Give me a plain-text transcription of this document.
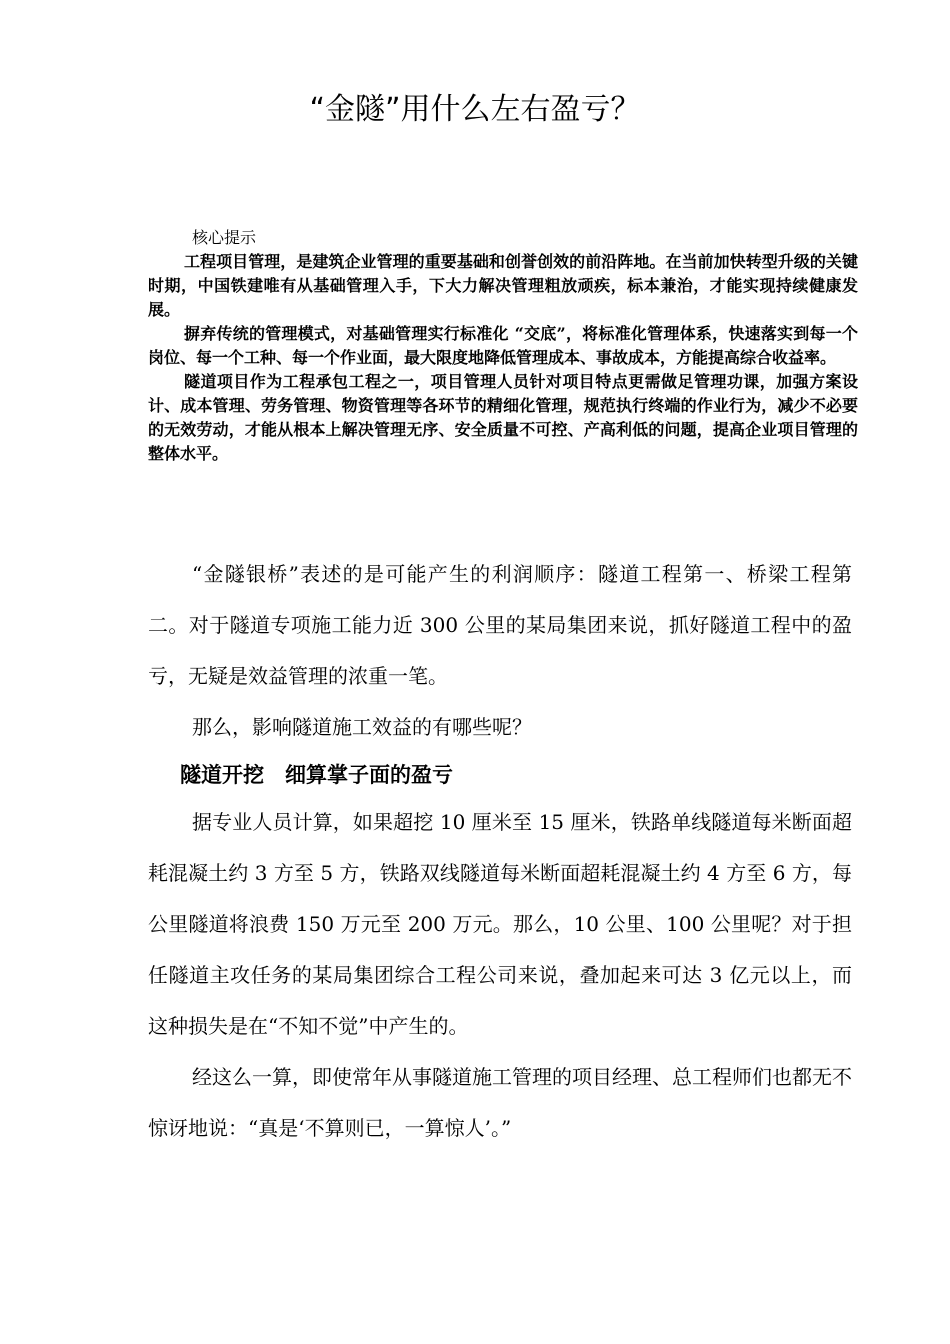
“金隧”用什么左右盈亏？

核心提示

工程项目管理，是建筑企业管理的重要基础和创誉创效的前沿阵地。在当前加快转型升级的关键时期，中国铁建唯有从基础管理入手，下大力解决管理粗放顽疾，标本兼治，才能实现持续健康发展。

摒弃传统的管理模式，对基础管理实行标准化 “交底”，将标准化管理体系，快速落实到每一个岗位、每一个工种、每一个作业面，最大限度地降低管理成本、事故成本，方能提高综合收益率。

隧道项目作为工程承包工程之一，项目管理人员针对项目特点更需做足管理功课，加强方案设计、成本管理、劳务管理、物资管理等各环节的精细化管理，规范执行终端的作业行为，减少不必要的无效劳动，才能从根本上解决管理无序、安全质量不可控、产高利低的问题，提高企业项目管理的整体水平。

“金隧银桥”表述的是可能产生的利润顺序：隧道工程第一、桥梁工程第二。对于隧道专项施工能力近 300 公里的某局集团来说，抓好隧道工程中的盈亏，无疑是效益管理的浓重一笔。

那么，影响隧道施工效益的有哪些呢？

隧道开挖　细算掌子面的盈亏

据专业人员计算，如果超挖 10 厘米至 15 厘米，铁路单线隧道每米断面超耗混凝土约 3 方至 5 方，铁路双线隧道每米断面超耗混凝土约 4 方至 6 方，每公里隧道将浪费 150 万元至 200 万元。那么，10 公里、100 公里呢？对于担任隧道主攻任务的某局集团综合工程公司来说，叠加起来可达 3 亿元以上，而这种损失是在“不知不觉”中产生的。

经这么一算，即使常年从事隧道施工管理的项目经理、总工程师们也都无不惊讶地说：“真是‘不算则已，一算惊人’。”
